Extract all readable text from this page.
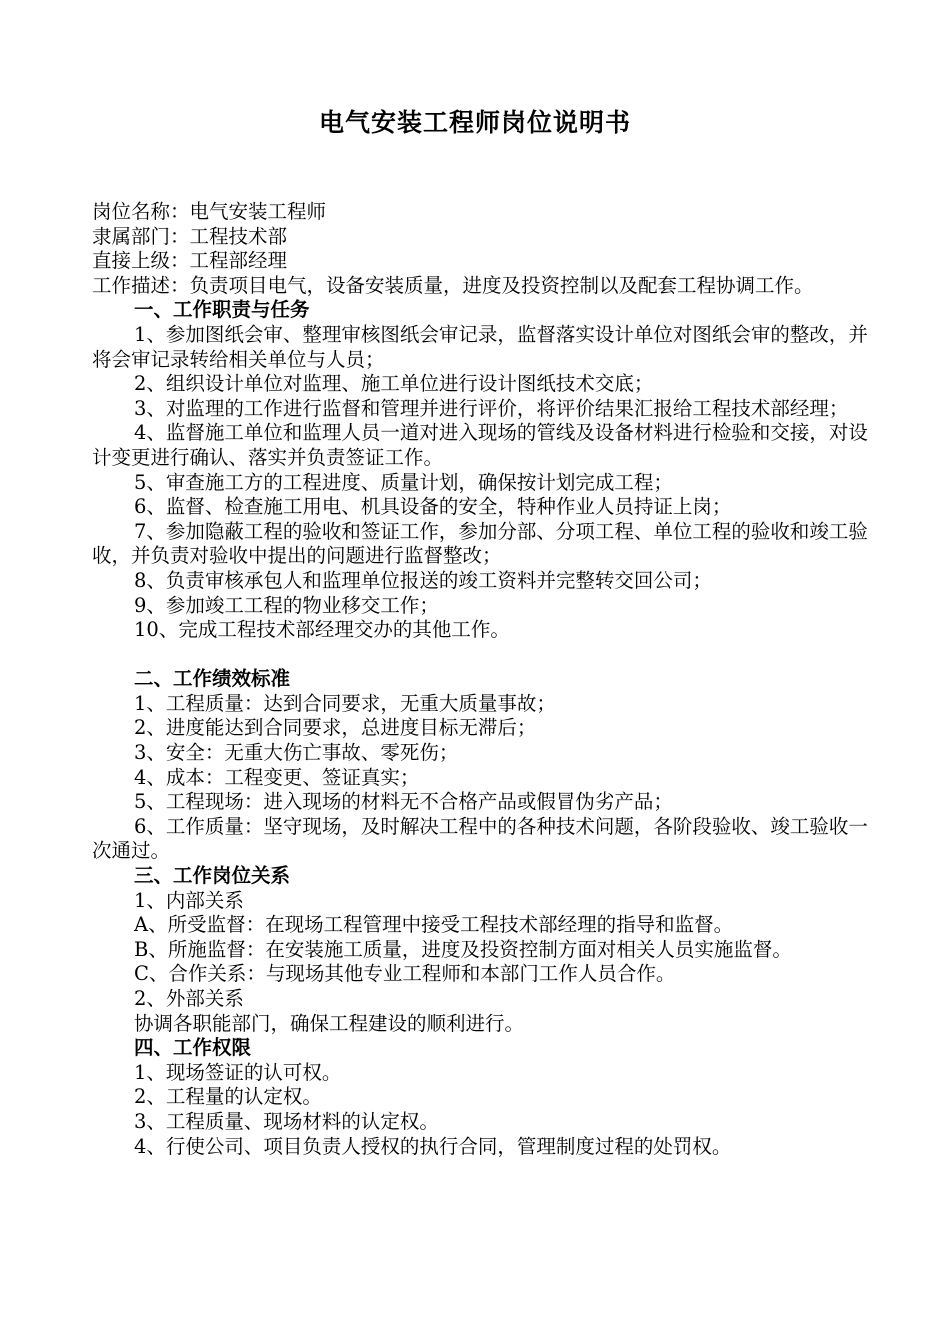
电气安装工程师岗位说明书

岗位名称：电气安装工程师

隶属部门：工程技术部

直接上级：工程部经理

工作描述：负责项目电气，设备安装质量，进度及投资控制以及配套工程协调工作。

一、工作职责与任务

1、参加图纸会审、整理审核图纸会审记录，监督落实设计单位对图纸会审的整改，并将会审记录转给相关单位与人员；

2、组织设计单位对监理、施工单位进行设计图纸技术交底；

3、对监理的工作进行监督和管理并进行评价，将评价结果汇报给工程技术部经理；

4、监督施工单位和监理人员一道对进入现场的管线及设备材料进行检验和交接，对设计变更进行确认、落实并负责签证工作。

5、审查施工方的工程进度、质量计划，确保按计划完成工程；

6、监督、检查施工用电、机具设备的安全，特种作业人员持证上岗；

7、参加隐蔽工程的验收和签证工作，参加分部、分项工程、单位工程的验收和竣工验收，并负责对验收中提出的问题进行监督整改；

8、负责审核承包人和监理单位报送的竣工资料并完整转交回公司；

9、参加竣工工程的物业移交工作；

10、完成工程技术部经理交办的其他工作。

二、工作绩效标准

1、工程质量：达到合同要求，无重大质量事故；

2、进度能达到合同要求，总进度目标无滞后；

3、安全：无重大伤亡事故、零死伤；

4、成本：工程变更、签证真实；

5、工程现场：进入现场的材料无不合格产品或假冒伪劣产品；

6、工作质量：坚守现场，及时解决工程中的各种技术问题，各阶段验收、竣工验收一次通过。

三、工作岗位关系

1、内部关系

A、所受监督：在现场工程管理中接受工程技术部经理的指导和监督。

B、所施监督：在安装施工质量，进度及投资控制方面对相关人员实施监督。

C、合作关系：与现场其他专业工程师和本部门工作人员合作。

2、外部关系

协调各职能部门，确保工程建设的顺利进行。

四、工作权限

1、现场签证的认可权。

2、工程量的认定权。

3、工程质量、现场材料的认定权。

4、行使公司、项目负责人授权的执行合同，管理制度过程的处罚权。
